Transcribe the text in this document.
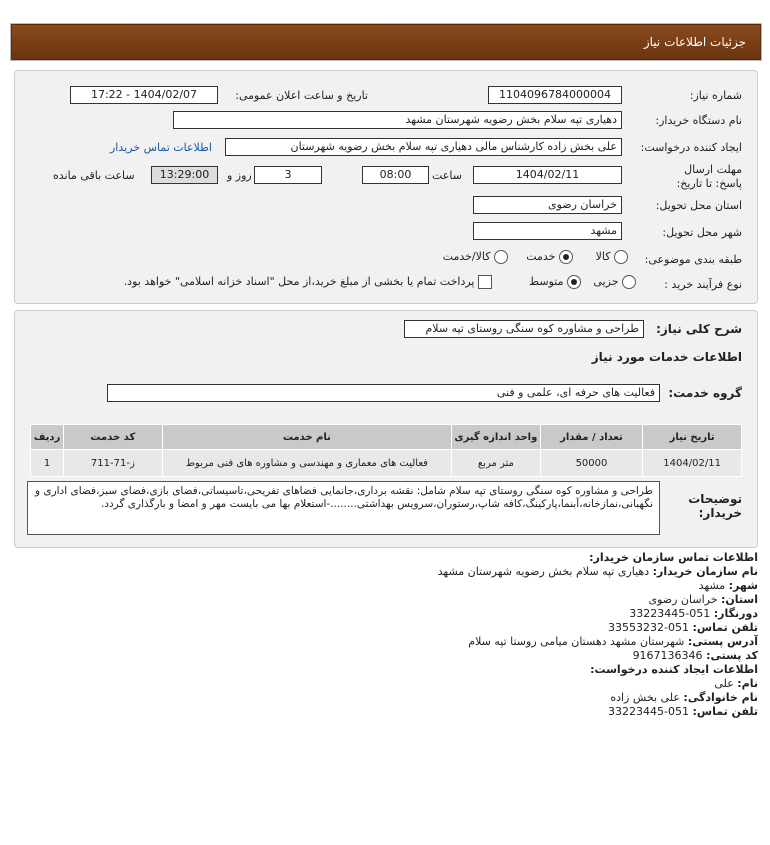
جزئيات اطلاعات نياز
شماره نیاز:
1104096784000004
تاریخ و ساعت اعلان عمومی:
1404/02/07 - 17:22
نام دستگاه خریدار:
دهیاری تپه سلام بخش رضویه شهرستان مشهد
ایجاد کننده درخواست:
علی بخش زاده کارشناس مالی دهیاری تپه سلام بخش رضویه شهرستان
اطلاعات تماس خریدار
مهلت ارسال پاسخ: تا تاریخ:
1404/02/11
ساعت
08:00
3
روز و
13:29:00
ساعت باقی مانده
استان محل تحویل:
خراسان رضوی
شهر محل تحویل:
مشهد
طبقه بندی موضوعی:
کالا
خدمت
کالا/خدمت
نوع فرآیند خرید :
جزیی
متوسط
پرداخت تمام یا بخشی از مبلغ خرید،از محل "اسناد خزانه اسلامی" خواهد بود.
شرح کلی نیاز:
طراحی و مشاوره کوه سنگی روستای تپه سلام
اطلاعات خدمات مورد نیاز
گروه خدمت:
فعالیت های حرفه ای، علمی و فنی
تاریخ نیاز	تعداد / مقدار	واحد اندازه گیری	نام خدمت	کد خدمت	ردیف
1404/02/11	50000	متر مربع	فعالیت های معماری و مهندسی و مشاوره های فنی مربوط	ز-71-711	1
توضیحات خریدار:
طراحی و مشاوره کوه سنگی روستای تپه سلام شامل: نقشه برداری،جانمایی فضاهای تفریحی،تاسیساتی،فضای بازی،فضای سبز،فضای اداری و نگهبانی،نمازخانه،آبنما،پارکینگ،کافه شاپ،رستوران،سرویس بهداشتی........-استعلام بها می بایست مهر و امضا و بارگذاری گردد.
اطلاعات تماس سازمان خریدار:
نام سازمان خریدار: دهیاری تپه سلام بخش رضویه شهرستان مشهد
شهر: مشهد
استان: خراسان رضوی
دورنگار: 051-33223445
تلفن تماس: 051-33553232
آدرس پستی: شهرستان مشهد دهستان میامی روستا تپه سلام
کد پستی: 9167136346
اطلاعات ایجاد کننده درخواست:
نام: علی
نام خانوادگی: علی بخش زاده
تلفن تماس: 051-33223445
